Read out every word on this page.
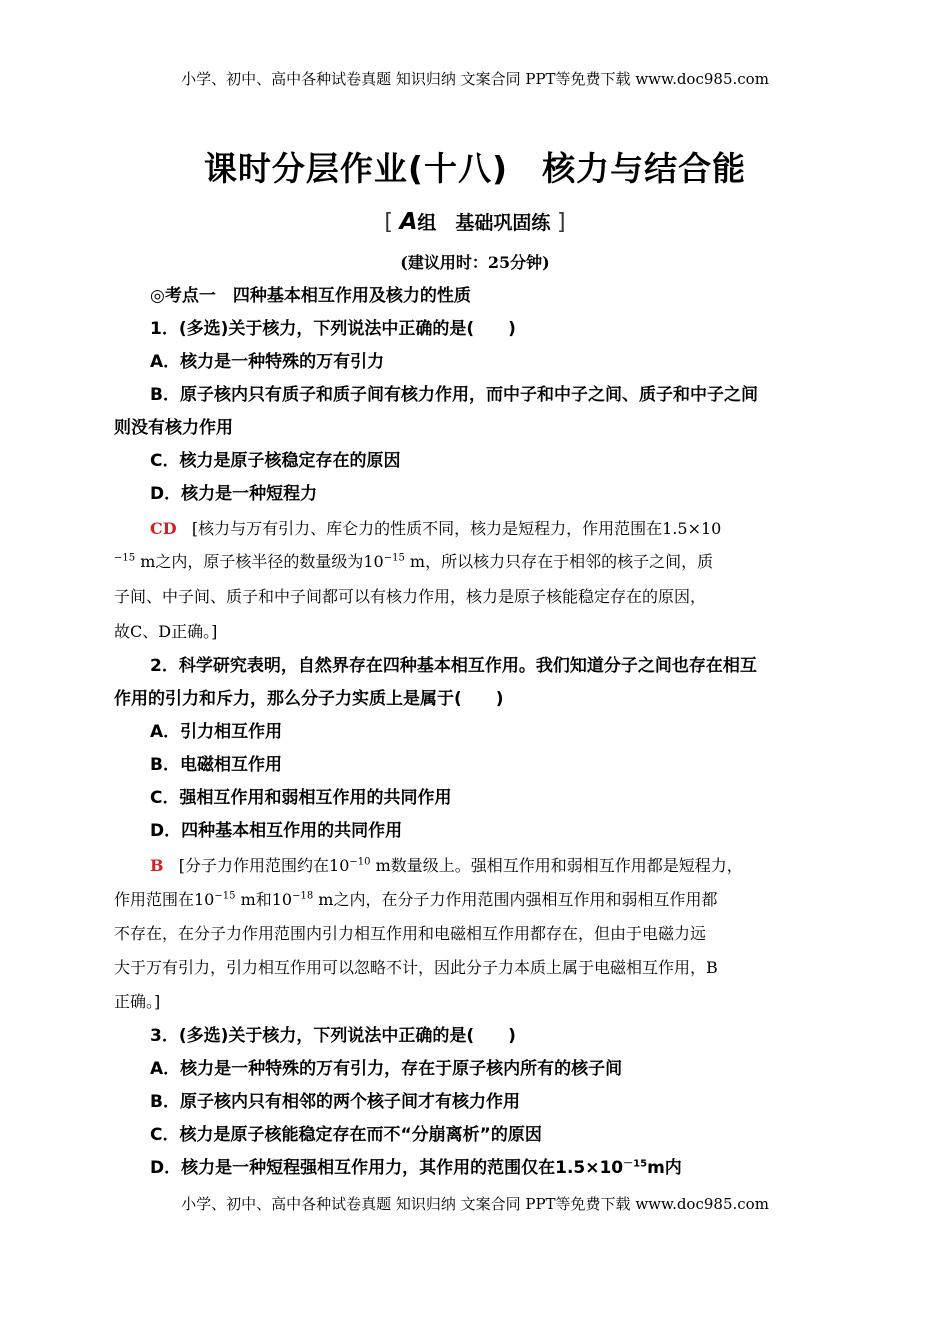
小学、初中、高中各种试卷真题 知识归纳 文案合同 PPT等免费下载 www.doc985.com
课时分层作业(十八)　核力与结合能
[ A组　基础巩固练 ]
(建议用时：25分钟)
◎考点一　四种基本相互作用及核力的性质
1．(多选)关于核力，下列说法中正确的是(　　)
A．核力是一种特殊的万有引力
B．原子核内只有质子和质子间有核力作用，而中子和中子之间、质子和中子之间
则没有核力作用
C．核力是原子核稳定存在的原因
D．核力是一种短程力
CD [核力与万有引力、库仑力的性质不同，核力是短程力，作用范围在1.5×10
$^{-15}$ m之内，原子核半径的数量级为$10^{-15}$ m，所以核力只存在于相邻的核子之间，质
子间、中子间、质子和中子间都可以有核力作用，核力是原子核能稳定存在的原因，
故C、D正确。]
2．科学研究表明，自然界存在四种基本相互作用。我们知道分子之间也存在相互
作用的引力和斥力，那么分子力实质上是属于(　　)
A．引力相互作用
B．电磁相互作用
C．强相互作用和弱相互作用的共同作用
D．四种基本相互作用的共同作用
B [分子力作用范围约在$10^{-10}$ m数量级上。强相互作用和弱相互作用都是短程力，
作用范围在$10^{-15}$ m和$10^{-18}$ m之内，在分子力作用范围内强相互作用和弱相互作用都
不存在，在分子力作用范围内引力相互作用和电磁相互作用都存在，但由于电磁力远
大于万有引力，引力相互作用可以忽略不计，因此分子力本质上属于电磁相互作用，B
正确。]
3．(多选)关于核力，下列说法中正确的是(　　)
A．核力是一种特殊的万有引力，存在于原子核内所有的核子间
B．原子核内只有相邻的两个核子间才有核力作用
C．核力是原子核能稳定存在而不“分崩离析”的原因
D．核力是一种短程强相互作用力，其作用的范围仅在$1.5\times 10^{-15}m$内
小学、初中、高中各种试卷真题 知识归纳 文案合同 PPT等免费下载 www.doc985.com
